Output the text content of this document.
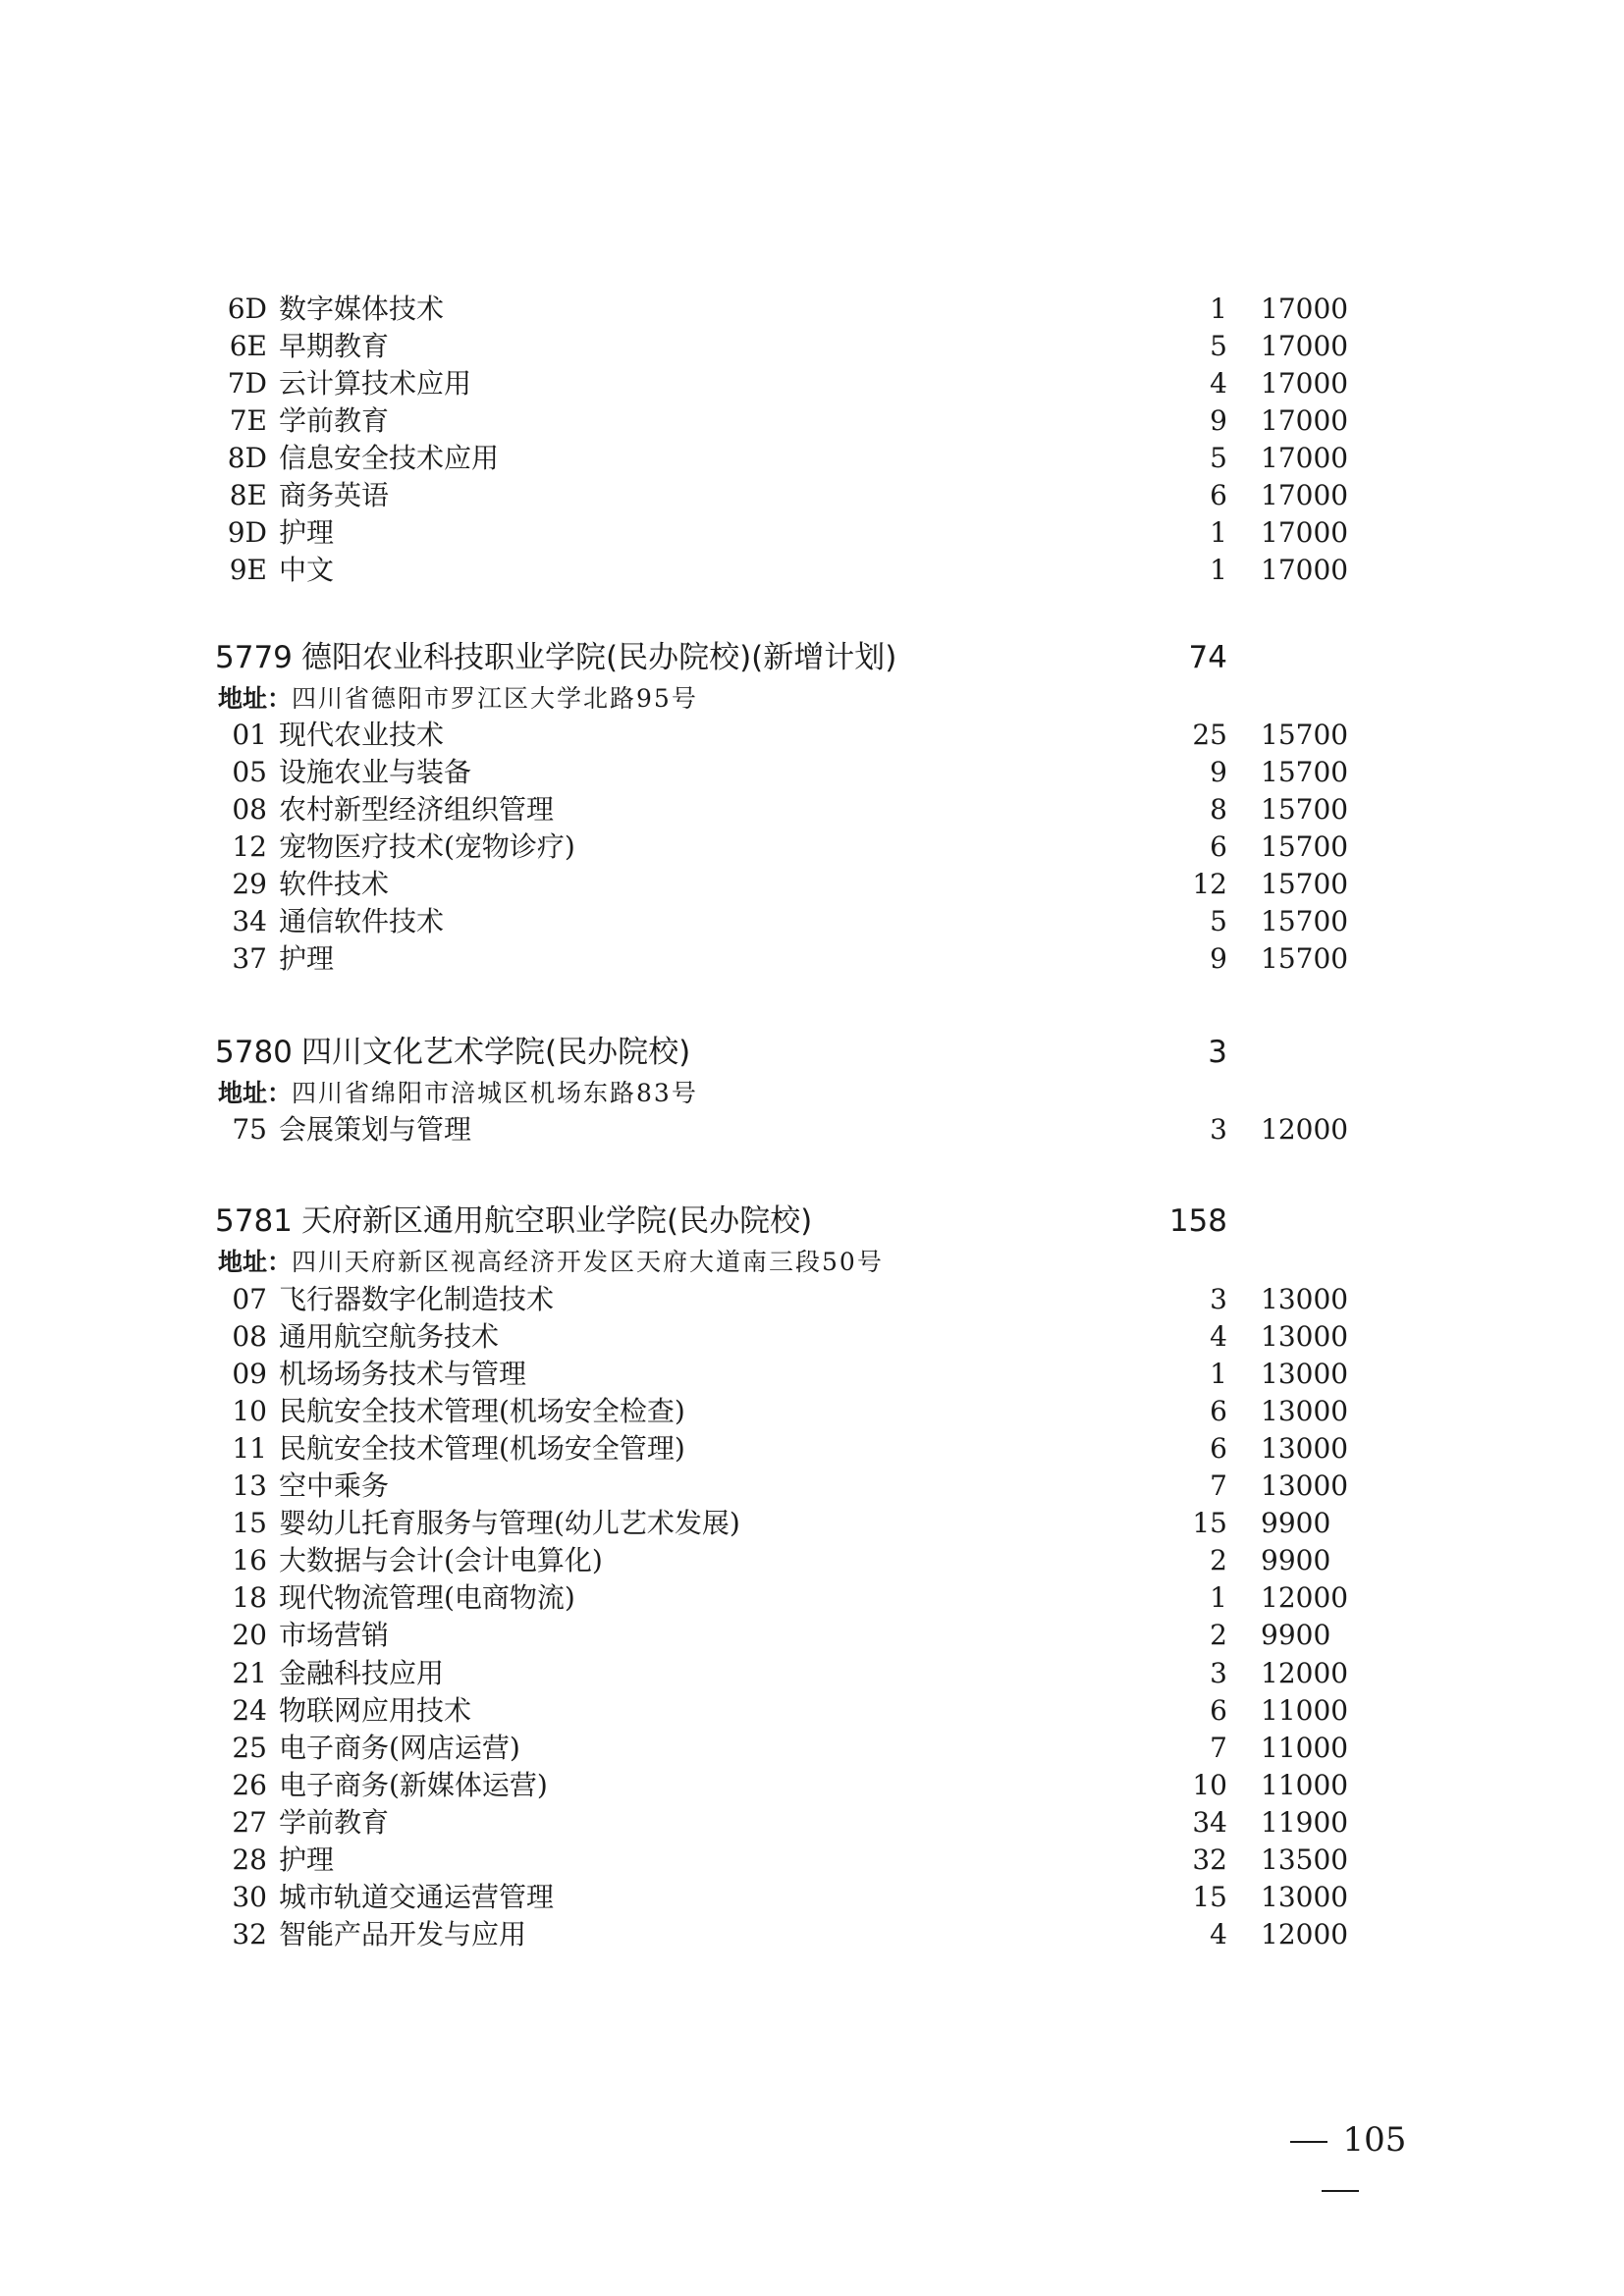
6D 数字媒体技术	1 17000
6E 早期教育	5 17000
7D 云计算技术应用	4 17000
7E 学前教育	9 17000
8D 信息安全技术应用	5 17000
8E 商务英语	6 17000
9D 护理	1 17000
9E 中文	1 17000
5779 德阳农业科技职业学院(民办院校)(新增计划)	74
地址：四川省德阳市罗江区大学北路95号
01 现代农业技术	25 15700
05 设施农业与装备	9 15700
08 农村新型经济组织管理	8 15700
12 宠物医疗技术(宠物诊疗)	6 15700
29 软件技术	12 15700
34 通信软件技术	5 15700
37 护理	9 15700
5780 四川文化艺术学院(民办院校)	3
地址：四川省绵阳市涪城区机场东路83号
75 会展策划与管理	3 12000
5781 天府新区通用航空职业学院(民办院校)	158
地址：四川天府新区视高经济开发区天府大道南三段50号
07 飞行器数字化制造技术	3 13000
08 通用航空航务技术	4 13000
09 机场场务技术与管理	1 13000
10 民航安全技术管理(机场安全检查)	6 13000
11 民航安全技术管理(机场安全管理)	6 13000
13 空中乘务	7 13000
15 婴幼儿托育服务与管理(幼儿艺术发展)	15 9900
16 大数据与会计(会计电算化)	2 9900
18 现代物流管理(电商物流)	1 12000
20 市场营销	2 9900
21 金融科技应用	3 12000
24 物联网应用技术	6 11000
25 电子商务(网店运营)	7 11000
26 电子商务(新媒体运营)	10 11000
27 学前教育	34 11900
28 护理	32 13500
30 城市轨道交通运营管理	15 13000
32 智能产品开发与应用	4 12000
105
